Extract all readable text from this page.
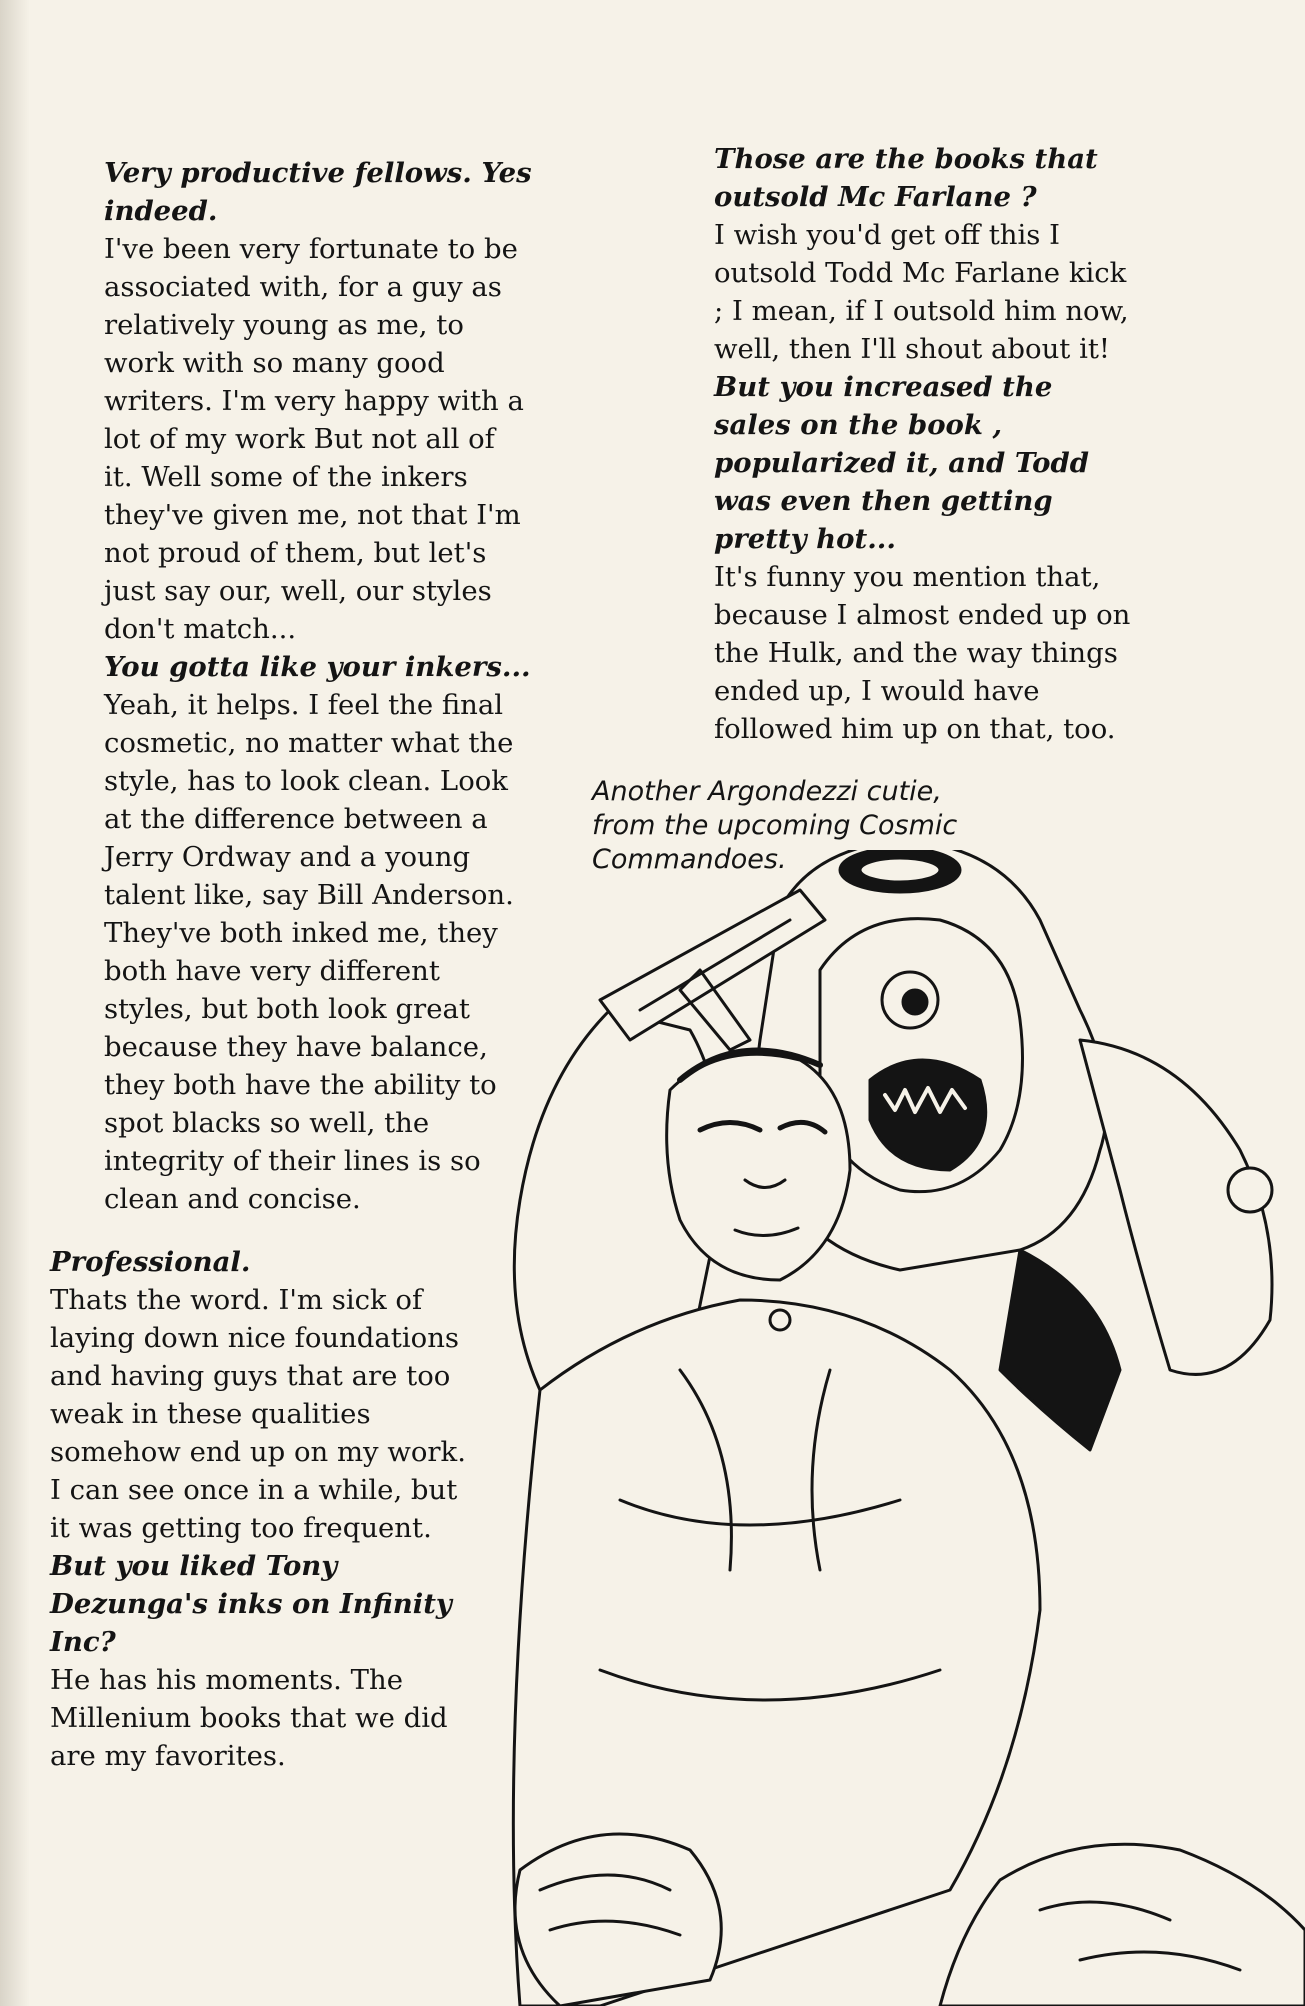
Very productive fellows. Yes indeed.

I've been very fortunate to be associated with, for a guy as relatively young as me, to work with so many good writers. I'm very happy with a lot of my work But not all of it. Well some of the inkers they've given me, not that I'm not proud of them, but let's just say our, well, our styles don't match...

You gotta like your inkers...

Yeah, it helps. I feel the final cosmetic, no matter what the style, has to look clean. Look at the difference between a Jerry Ordway and a young talent like, say Bill Anderson. They've both inked me, they both have very different styles, but both look great because they have balance, they both have the ability to spot blacks so well, the integrity of their lines is so clean and concise.

Professional.

Thats the word. I'm sick of laying down nice foundations and having guys that are too weak in these qualities somehow end up on my work. I can see once in a while, but it was getting too frequent.

But you liked Tony Dezunga's inks on Infinity Inc?

He has his moments. The Millenium books that we did are my favorites.

Those are the books that outsold Mc Farlane ?

I wish you'd get off this I outsold Todd Mc Farlane kick ; I mean, if I outsold him now, well, then I'll shout about it!

But you increased the sales on the book , popularized it, and Todd was even then getting pretty hot...

It's funny you mention that, because I almost ended up on the Hulk, and the way things ended up, I would have followed him up on that, too.

Another Argondezzi cutie,
from the upcoming Cosmic
Commandoes.
